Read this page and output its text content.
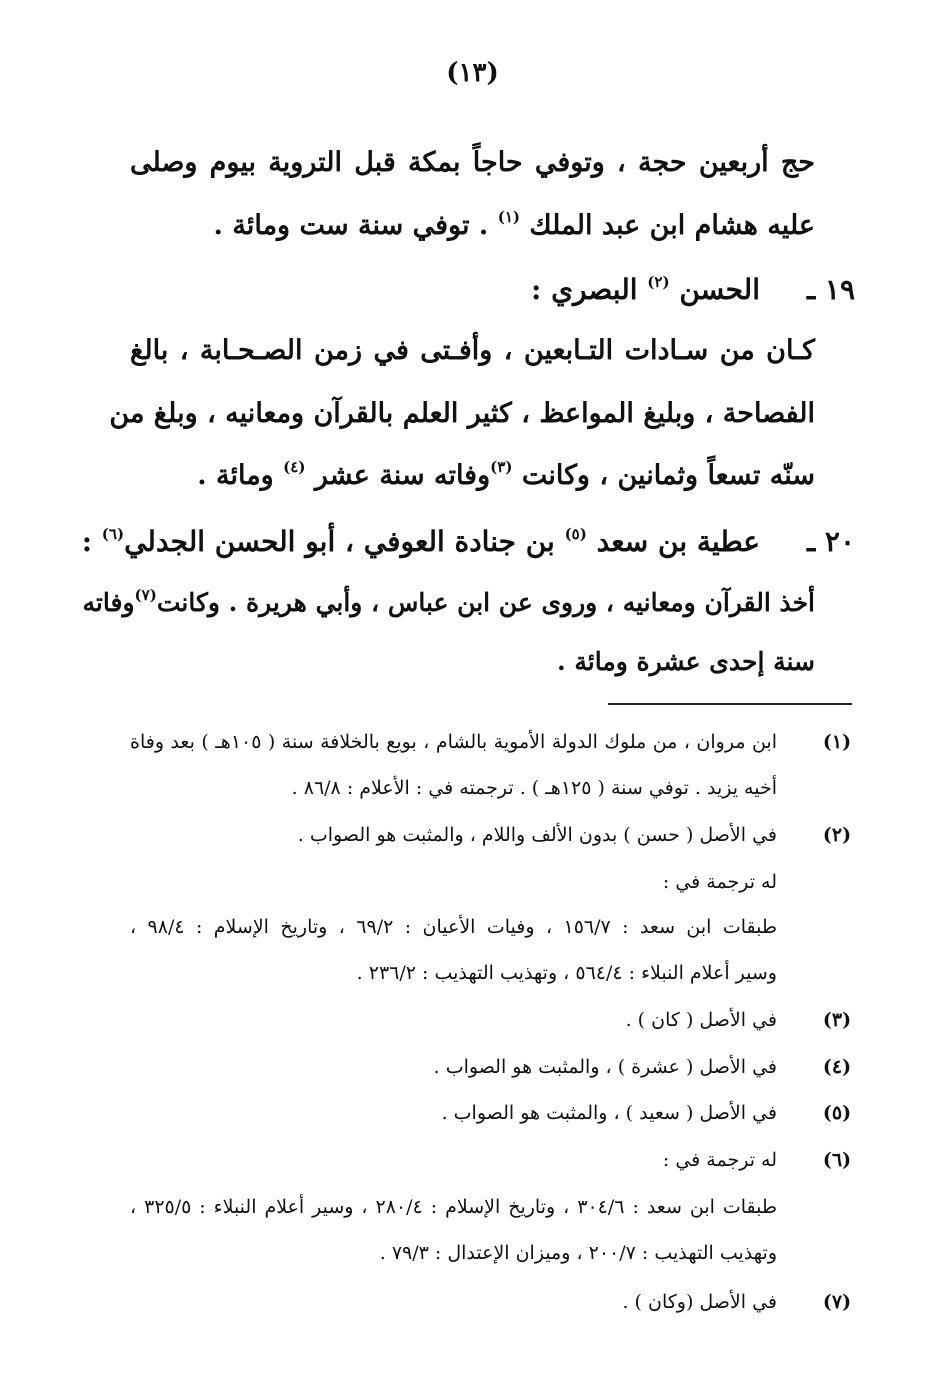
(١٣)
حج أربعين حجة ، وتوفي حاجاً بمكة قبل التروية بيوم وصلى
عليه هشام ابن عبد الملك $^{(١)}$ . توفي سنة ست ومائة .
١٩ ـ
الحسن $^{(٢)}$ البصري :
كـان من سـادات التـابعين ، وأفـتى في زمن الصـحـابة ، بالغ
الفصاحة ، وبليغ المواعظ ، كثير العلم بالقرآن ومعانيه ، وبلغ من
سنّه تسعاً وثمانين ، وكانت $^{(٣)}$وفاته سنة عشر $^{(٤)}$ ومائة .
٢٠ ـ
عطية بن سعد $^{(٥)}$ بن جنادة العوفي ، أبو الحسن الجدلي$^{(٦)}$ :
أخذ القرآن ومعانيه ، وروى عن ابن عباس ، وأبي هريرة . وكانت$^{(٧)}$وفاته
سنة إحدى عشرة ومائة .
(١)
ابن مروان ، من ملوك الدولة الأموية بالشام ، بويع بالخلافة سنة ( ١٠٥هـ ) بعد وفاة
أخيه يزيد . توفي سنة ( ١٢٥هـ ) . ترجمته في : الأعلام : ٨٦/٨ .
(٢)
في الأصل ( حسن ) بدون الألف واللام ، والمثبت هو الصواب .
له ترجمة في :
طبقات ابن سعد : ١٥٦/٧ ، وفيات الأعيان : ٦٩/٢ ، وتاريخ الإسلام : ٩٨/٤ ،
وسير أعلام النبلاء : ٥٦٤/٤ ، وتهذيب التهذيب : ٢٣٦/٢ .
(٣)
في الأصل ( كان ) .
(٤)
في الأصل ( عشرة ) ، والمثبت هو الصواب .
(٥)
في الأصل ( سعيد ) ، والمثبت هو الصواب .
(٦)
له ترجمة في :
طبقات ابن سعد : ٣٠٤/٦ ، وتاريخ الإسلام : ٢٨٠/٤ ، وسير أعلام النبلاء : ٣٢٥/٥ ،
وتهذيب التهذيب : ٢٠٠/٧ ، وميزان الإعتدال : ٧٩/٣ .
(٧)
في الأصل (وكان ) .
